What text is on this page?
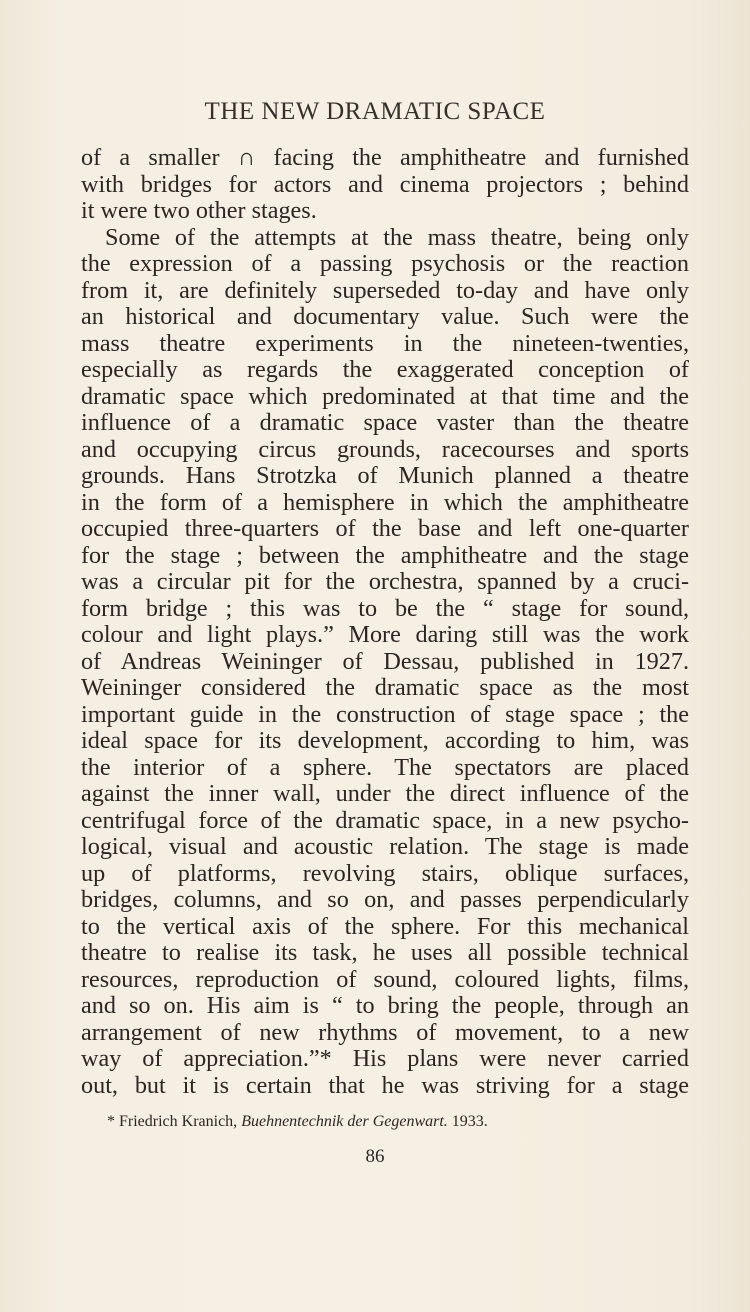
THE NEW DRAMATIC SPACE
of a smaller ∩ facing the amphitheatre and furnished
with bridges for actors and cinema projectors ; behind
it were two other stages.
Some of the attempts at the mass theatre, being only
the expression of a passing psychosis or the reaction
from it, are definitely superseded to-day and have only
an historical and documentary value. Such were the
mass theatre experiments in the nineteen-twenties,
especially as regards the exaggerated conception of
dramatic space which predominated at that time and the
influence of a dramatic space vaster than the theatre
and occupying circus grounds, racecourses and sports
grounds. Hans Strotzka of Munich planned a theatre
in the form of a hemisphere in which the amphitheatre
occupied three-quarters of the base and left one-quarter
for the stage ; between the amphitheatre and the stage
was a circular pit for the orchestra, spanned by a cruci-
form bridge ; this was to be the “ stage for sound,
colour and light plays.” More daring still was the work
of Andreas Weininger of Dessau, published in 1927.
Weininger considered the dramatic space as the most
important guide in the construction of stage space ; the
ideal space for its development, according to him, was
the interior of a sphere. The spectators are placed
against the inner wall, under the direct influence of the
centrifugal force of the dramatic space, in a new psycho-
logical, visual and acoustic relation. The stage is made
up of platforms, revolving stairs, oblique surfaces,
bridges, columns, and so on, and passes perpendicularly
to the vertical axis of the sphere. For this mechanical
theatre to realise its task, he uses all possible technical
resources, reproduction of sound, coloured lights, films,
and so on. His aim is “ to bring the people, through an
arrangement of new rhythms of movement, to a new
way of appreciation.”* His plans were never carried
out, but it is certain that he was striving for a stage
* Friedrich Kranich, Buehnentechnik der Gegenwart. 1933.
86
